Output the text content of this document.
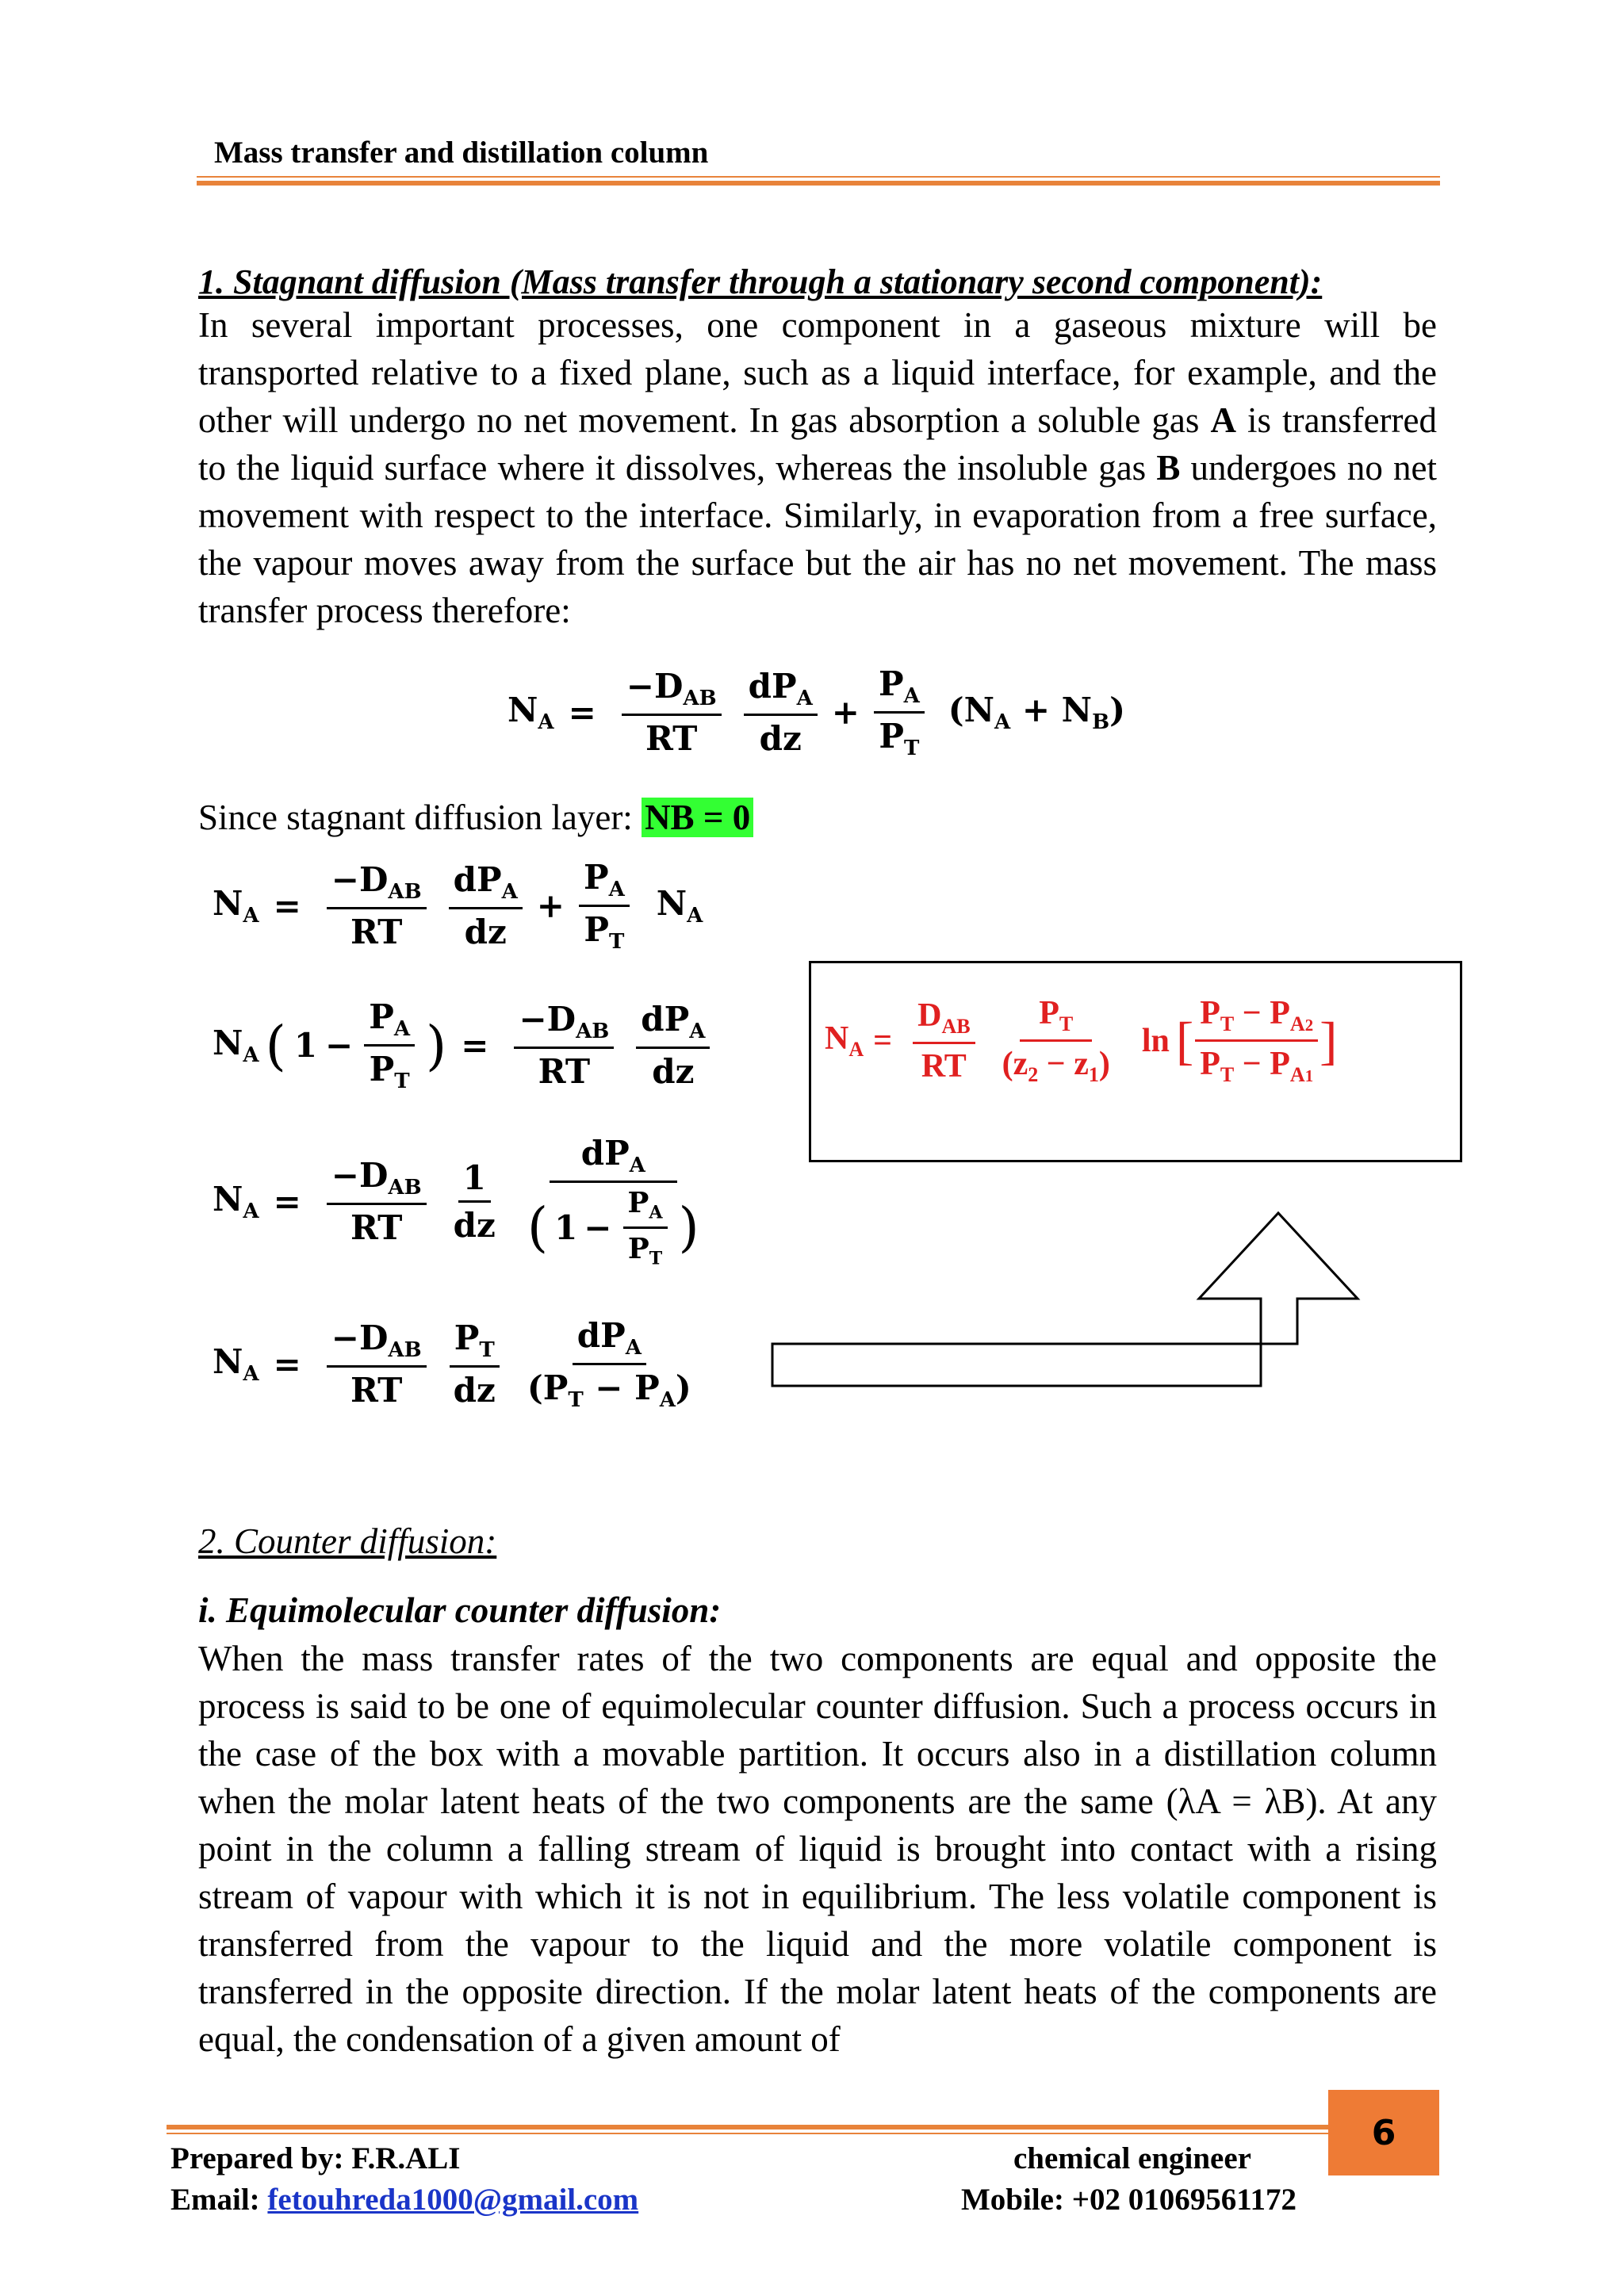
Mass transfer and distillation column
1. Stagnant diffusion (Mass transfer through a stationary second component):

In several important processes, one component in a gaseous mixture will be transported relative to a fixed plane, such as a liquid interface, for example, and the other will undergo no net movement. In gas absorption a soluble gas A is transferred to the liquid surface where it dissolves, whereas the insoluble gas B undergoes no net movement with respect to the interface. Similarly, in evaporation from a free surface, the vapour moves away from the surface but the air has no net movement. The mass transfer process therefore:

$N_A = \frac{-D_{AB}}{RT} \frac{dP_A}{dz} + \frac{P_A}{P_T} (N_A + N_B)$
Since stagnant diffusion layer: NB = 0
$N_A = \frac{-D_{AB}}{RT} \frac{dP_A}{dz} + \frac{P_A}{P_T} N_A$
$N_A$ ( $1 - \frac{P_A}{P_T}$ ) = $\frac{-D_{AB}}{RT} \frac{dP_A}{dz}$
$N_A = \frac{-D_{AB}}{RT} \frac{1}{dz} \frac{dP_A}{( 1 - \frac{P_A}{P_T} )}$
$N_A = \frac{-D_{AB}}{RT} \frac{P_T}{dz} \frac{dP_A}{(P_T - P_A)}$
$N_A = \frac{D_{AB}}{RT} \frac{P_T}{(z_2 - z_1)}$ ln [ $\frac{P_T - P_{A2}}{P_T - P_{A1}}$ ]
2. Counter diffusion:
i. Equimolecular counter diffusion:

When the mass transfer rates of the two components are equal and opposite the process is said to be one of equimolecular counter diffusion. Such a process occurs in the case of the box with a movable partition. It occurs also in a distillation column when the molar latent heats of the two components are the same (λA = λB). At any point in the column a falling stream of liquid is brought into contact with a rising stream of vapour with which it is not in equilibrium. The less volatile component is transferred from the vapour to the liquid and the more volatile component is transferred in the opposite direction. If the molar latent heats of the components are equal, the condensation of a given amount of

6
Prepared by: F.R.ALI
Email: fetouhreda1000@gmail.com
chemical engineer
Mobile: +02 01069561172
